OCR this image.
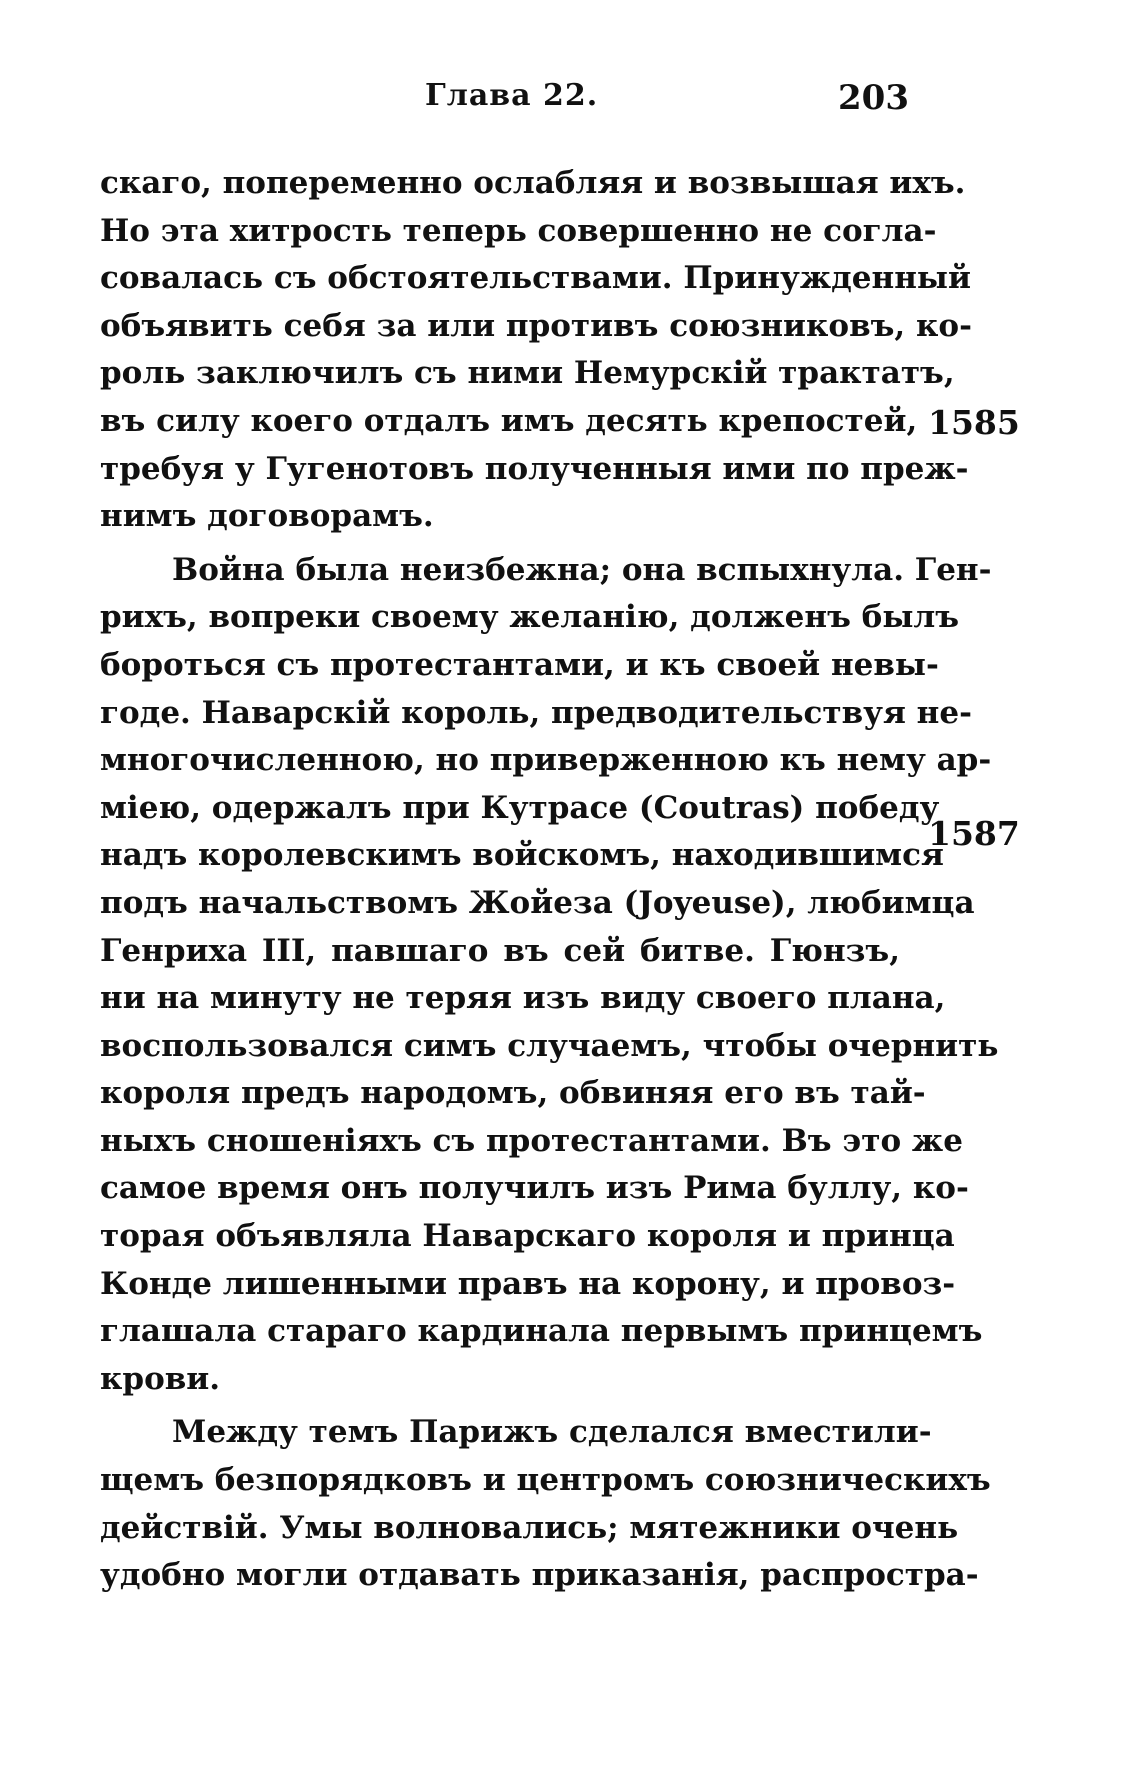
Глава 22.	203
1585
1587
скаго, попеременно ослабляя и возвышая ихъ.
Но эта хитрость теперь совершенно не согла-
совалась съ обстоятельствами. Принужденный
объявить себя за или противъ союзниковъ, ко-
роль заключилъ съ ними Немурскій трактатъ,
въ силу коего отдалъ имъ десять крепостей,
требуя у Гугенотовъ полученныя ими по преж-
нимъ договорамъ.
Война была неизбежна; она вспыхнула. Ген-
рихъ, вопреки своему желанію, долженъ былъ
бороться съ протестантами, и къ своей невы-
годе. Наварскій король, предводительствуя не-
многочисленною, но приверженною къ нему ар-
міею, одержалъ при Кутрасе (Coutras) победу
надъ королевскимъ войскомъ, находившимся
подъ начальствомъ Жойеза (Joyeuse), любимца
Генриха III, павшаго въ сей битве. Гюнзъ,
ни на минуту не теряя изъ виду своего плана,
воспользовался симъ случаемъ, чтобы очернить
короля предъ народомъ, обвиняя его въ тай-
ныхъ сношеніяхъ съ протестантами. Въ это же
самое время онъ получилъ изъ Рима буллу, ко-
торая объявляла Наварскаго короля и принца
Конде лишенными правъ на корону, и провоз-
глашала стараго кардинала первымъ принцемъ
крови.
Между темъ Парижъ сделался вместили-
щемъ безпорядковъ и центромъ союзническихъ
действій. Умы волновались; мятежники очень
удобно могли отдавать приказанія, распростра-
